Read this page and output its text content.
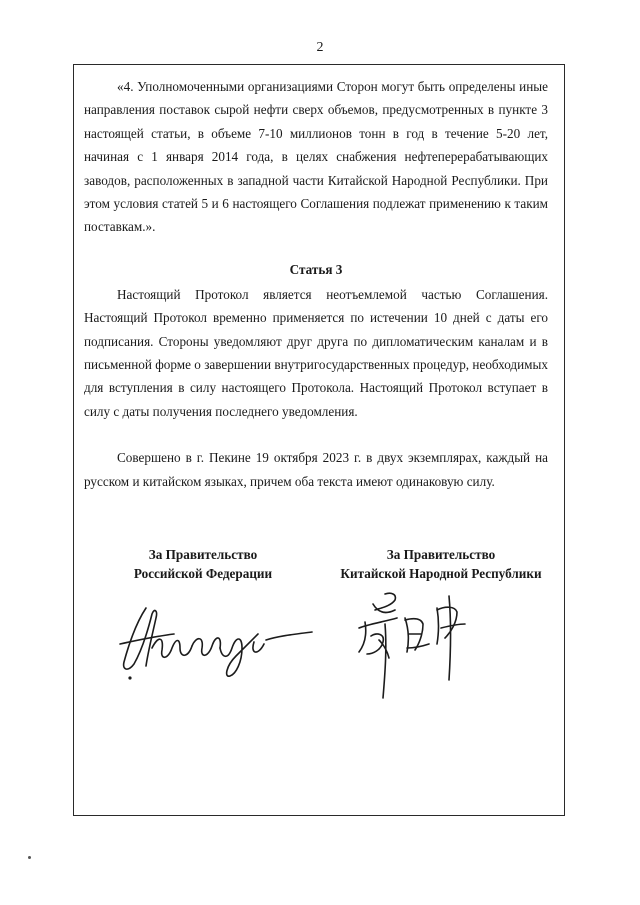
2

«4. Уполномоченными организациями Сторон могут быть определены иные направления поставок сырой нефти сверх объемов, предусмотренных в пункте 3 настоящей статьи, в объеме 7-10 миллионов тонн в год в течение 5-20 лет, начиная с 1 января 2014 года, в целях снабжения нефтеперерабатывающих заводов, расположенных в западной части Китайской Народной Республики. При этом условия статей 5 и 6 настоящего Соглашения подлежат применению к таким поставкам.».

Статья 3

Настоящий Протокол является неотъемлемой частью Соглашения. Настоящий Протокол временно применяется по истечении 10 дней с даты его подписания. Стороны уведомляют друг друга по дипломатическим каналам и в письменной форме о завершении внутригосударственных процедур, необходимых для вступления в силу настоящего Протокола. Настоящий Протокол вступает в силу с даты получения последнего уведомления.

Совершено в г. Пекине 19 октября 2023 г. в двух экземплярах, каждый на русском и китайском языках, причем оба текста имеют одинаковую силу.

За Правительство
Российской Федерации
За Правительство
Китайской Народной Республики
